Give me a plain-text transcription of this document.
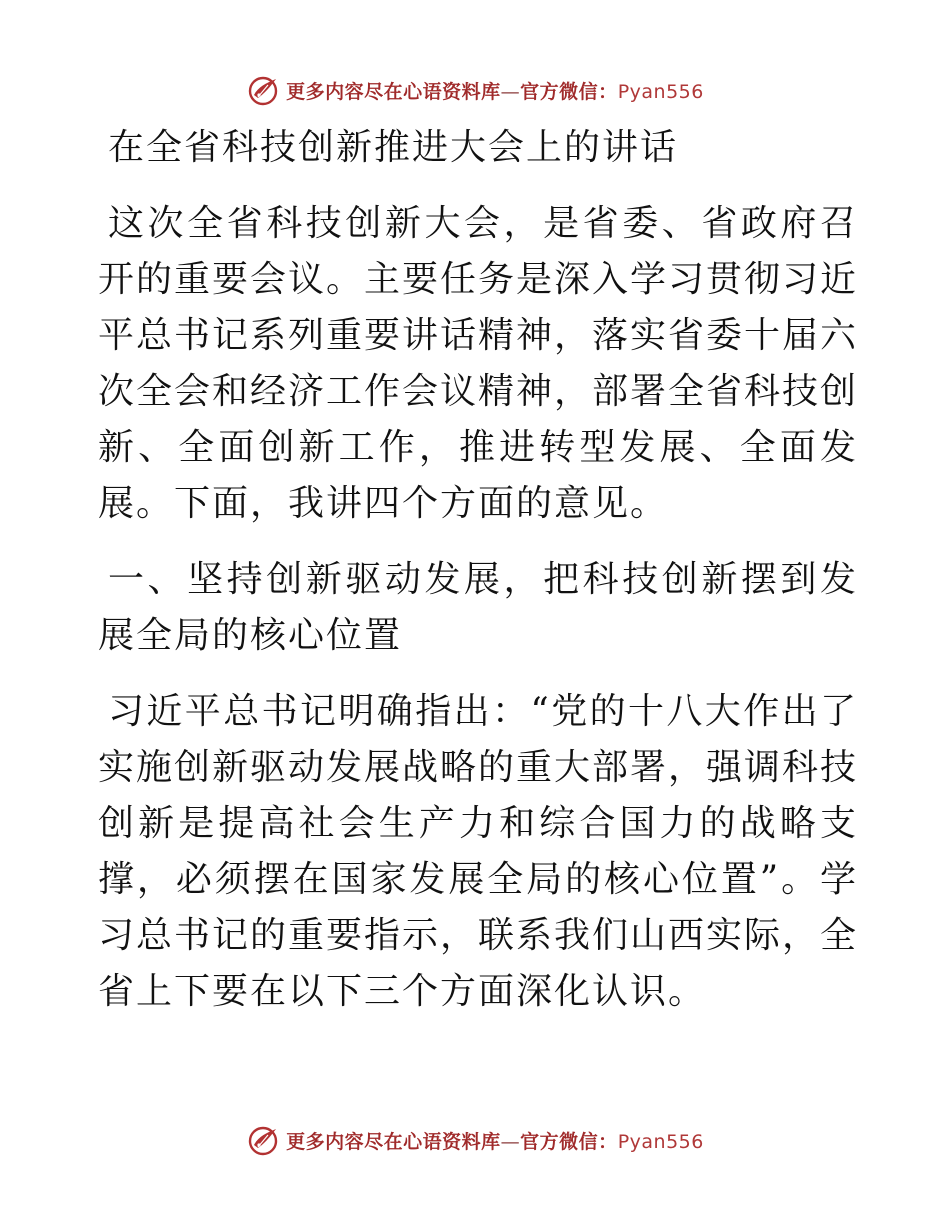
更多内容尽在心语资料库—官方微信：Pyan556

在全省科技创新推进大会上的讲话

这次全省科技创新大会，是省委、省政府召开的重要会议。主要任务是深入学习贯彻习近平总书记系列重要讲话精神，落实省委十届六次全会和经济工作会议精神，部署全省科技创新、全面创新工作，推进转型发展、全面发展。下面，我讲四个方面的意见。

一、坚持创新驱动发展，把科技创新摆到发展全局的核心位置

习近平总书记明确指出：“党的十八大作出了实施创新驱动发展战略的重大部署，强调科技创新是提高社会生产力和综合国力的战略支撑，必须摆在国家发展全局的核心位置”。学习总书记的重要指示，联系我们山西实际，全省上下要在以下三个方面深化认识。

更多内容尽在心语资料库—官方微信：Pyan556
